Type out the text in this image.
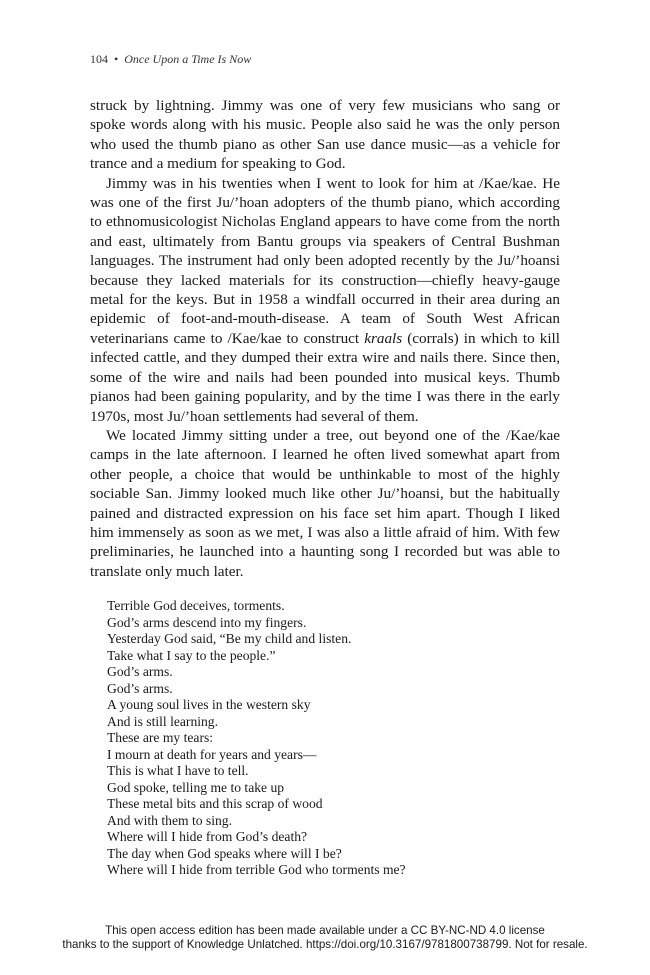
104 • Once Upon a Time Is Now

struck by lightning. Jimmy was one of very few musicians who sang or spoke words along with his music. People also said he was the only person who used the thumb piano as other San use dance music—as a vehicle for trance and a medium for speaking to God.

Jimmy was in his twenties when I went to look for him at /Kae/kae. He was one of the first Ju/’hoan adopters of the thumb piano, which according to ethnomusicologist Nicholas England appears to have come from the north and east, ultimately from Bantu groups via speakers of Central Bushman languages. The instrument had only been adopted recently by the Ju/’hoansi because they lacked materials for its construction—chiefly heavy-gauge metal for the keys. But in 1958 a windfall occurred in their area during an epidemic of foot-and-mouth-disease. A team of South West African veterinarians came to /Kae/kae to construct kraals (corrals) in which to kill infected cattle, and they dumped their extra wire and nails there. Since then, some of the wire and nails had been pounded into musical keys. Thumb pianos had been gaining popularity, and by the time I was there in the early 1970s, most Ju/’hoan settlements had several of them.

We located Jimmy sitting under a tree, out beyond one of the /Kae/kae camps in the late afternoon. I learned he often lived somewhat apart from other people, a choice that would be unthinkable to most of the highly sociable San. Jimmy looked much like other Ju/’hoansi, but the habitually pained and distracted expression on his face set him apart. Though I liked him immensely as soon as we met, I was also a little afraid of him. With few preliminaries, he launched into a haunting song I recorded but was able to translate only much later.

Terrible God deceives, torments.
God’s arms descend into my fingers.
Yesterday God said, “Be my child and listen.
Take what I say to the people.”
God’s arms.
God’s arms.
A young soul lives in the western sky
And is still learning.
These are my tears:
I mourn at death for years and years—
This is what I have to tell.
God spoke, telling me to take up
These metal bits and this scrap of wood
And with them to sing.
Where will I hide from God’s death?
The day when God speaks where will I be?
Where will I hide from terrible God who torments me?
This open access edition has been made available under a CC BY-NC-ND 4.0 license
thanks to the support of Knowledge Unlatched. https://doi.org/10.3167/9781800738799. Not for resale.
